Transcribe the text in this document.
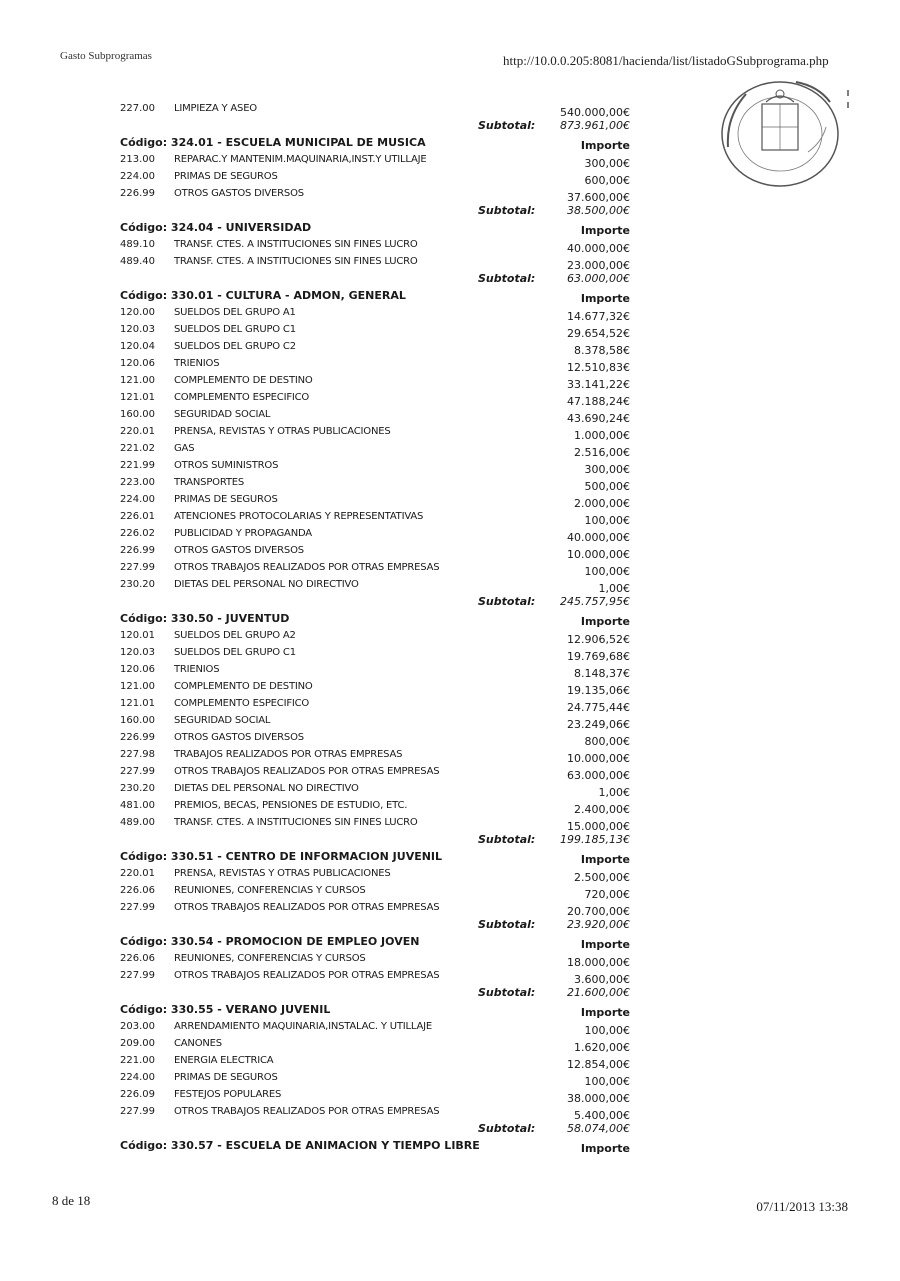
Gasto Subprogramas	http://10.0.0.205:8081/hacienda/list/listadoGSubprograma.php
227.00 LIMPIEZA Y ASEO	540.000,00€
Subtotal: 873.961,00€
Código: 324.01 - ESCUELA MUNICIPAL DE MUSICA	Importe
213.00 REPARAC.Y MANTENIM.MAQUINARIA,INST.Y UTILLAJE	300,00€
224.00 PRIMAS DE SEGUROS	600,00€
226.99 OTROS GASTOS DIVERSOS	37.600,00€
Subtotal:	38.500,00€
Código: 324.04 - UNIVERSIDAD	Importe
489.10 TRANSF. CTES. A INSTITUCIONES SIN FINES LUCRO	40.000,00€
489.40 TRANSF. CTES. A INSTITUCIONES SIN FINES LUCRO	23.000,00€
Subtotal:	63.000,00€
Código: 330.01 - CULTURA - ADMON, GENERAL	Importe
120.00 SUELDOS DEL GRUPO A1	14.677,32€
120.03 SUELDOS DEL GRUPO C1	29.654,52€
120.04 SUELDOS DEL GRUPO C2	8.378,58€
120.06 TRIENIOS	12.510,83€
121.00 COMPLEMENTO DE DESTINO	33.141,22€
121.01 COMPLEMENTO ESPECIFICO	47.188,24€
160.00 SEGURIDAD SOCIAL	43.690,24€
220.01 PRENSA, REVISTAS Y OTRAS PUBLICACIONES	1.000,00€
221.02 GAS	2.516,00€
221.99 OTROS SUMINISTROS	300,00€
223.00 TRANSPORTES	500,00€
224.00 PRIMAS DE SEGUROS	2.000,00€
226.01 ATENCIONES PROTOCOLARIAS Y REPRESENTATIVAS	100,00€
226.02 PUBLICIDAD Y PROPAGANDA	40.000,00€
226.99 OTROS GASTOS DIVERSOS	10.000,00€
227.99 OTROS TRABAJOS REALIZADOS POR OTRAS EMPRESAS	100,00€
230.20 DIETAS DEL PERSONAL NO DIRECTIVO	1,00€
Subtotal: 245.757,95€
Código: 330.50 - JUVENTUD	Importe
120.01 SUELDOS DEL GRUPO A2	12.906,52€
120.03 SUELDOS DEL GRUPO C1	19.769,68€
120.06 TRIENIOS	8.148,37€
121.00 COMPLEMENTO DE DESTINO	19.135,06€
121.01 COMPLEMENTO ESPECIFICO	24.775,44€
160.00 SEGURIDAD SOCIAL	23.249,06€
226.99 OTROS GASTOS DIVERSOS	800,00€
227.98 TRABAJOS REALIZADOS POR OTRAS EMPRESAS	10.000,00€
227.99 OTROS TRABAJOS REALIZADOS POR OTRAS EMPRESAS	63.000,00€
230.20 DIETAS DEL PERSONAL NO DIRECTIVO	1,00€
481.00 PREMIOS, BECAS, PENSIONES DE ESTUDIO, ETC.	2.400,00€
489.00 TRANSF. CTES. A INSTITUCIONES SIN FINES LUCRO	15.000,00€
Subtotal: 199.185,13€
Código: 330.51 - CENTRO DE INFORMACION JUVENIL	Importe
220.01 PRENSA, REVISTAS Y OTRAS PUBLICACIONES	2.500,00€
226.06 REUNIONES, CONFERENCIAS Y CURSOS	720,00€
227.99 OTROS TRABAJOS REALIZADOS POR OTRAS EMPRESAS	20.700,00€
Subtotal:	23.920,00€
Código: 330.54 - PROMOCION DE EMPLEO JOVEN	Importe
226.06 REUNIONES, CONFERENCIAS Y CURSOS	18.000,00€
227.99 OTROS TRABAJOS REALIZADOS POR OTRAS EMPRESAS	3.600,00€
Subtotal:	21.600,00€
Código: 330.55 - VERANO JUVENIL	Importe
203.00 ARRENDAMIENTO MAQUINARIA,INSTALAC. Y UTILLAJE	100,00€
209.00 CANONES	1.620,00€
221.00 ENERGIA ELECTRICA	12.854,00€
224.00 PRIMAS DE SEGUROS	100,00€
226.09 FESTEJOS POPULARES	38.000,00€
227.99 OTROS TRABAJOS REALIZADOS POR OTRAS EMPRESAS	5.400,00€
Subtotal:	58.074,00€
Código: 330.57 - ESCUELA DE ANIMACION Y TIEMPO LIBRE	Importe
8 de 18	07/11/2013 13:38
